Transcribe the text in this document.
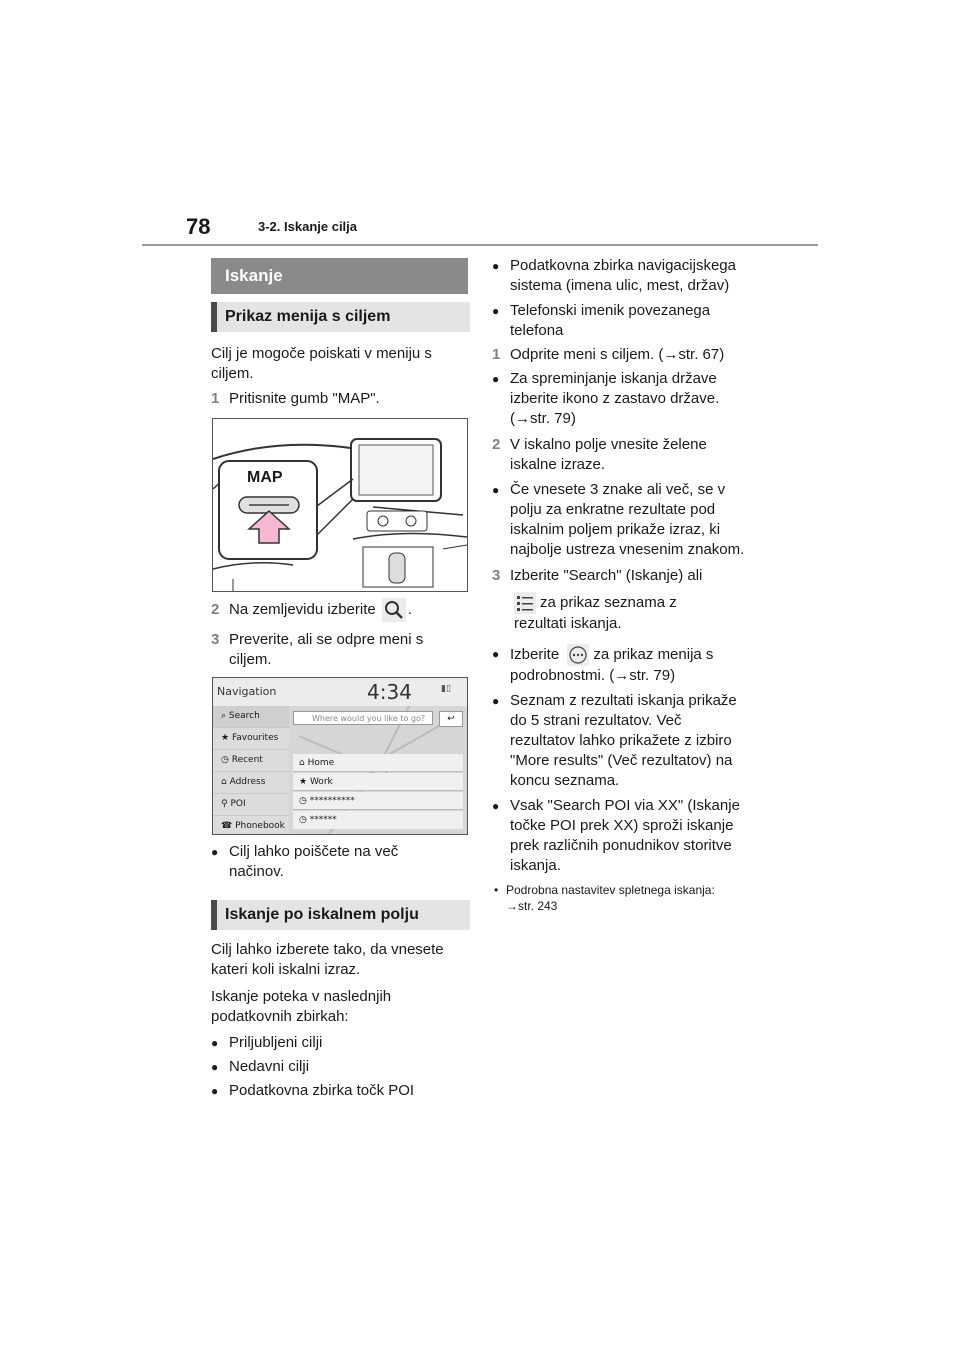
78	3-2. Iskanje cilja
Iskanje
Prikaz menija s ciljem

Cilj je mogoče poiskati v meniju s ciljem.

1 Pritisnite gumb "MAP".
MAP
2 Na zemljevidu izberite .
3 Preverite, ali se odpre meni s ciljem.
Navigation	4:34	▮▯
⌕ Search
★ Favourites
◷ Recent
⌂ Address
⚲ POI
☎ Phonebook
Where would you like to go?	↩
⌂ Home
★ Work
◷ **********
◷ ******
● Cilj lahko poiščete na več načinov.
Iskanje po iskalnem polju

Cilj lahko izberete tako, da vnesete kateri koli iskalni izraz.

Iskanje poteka v naslednjih podatkovnih zbirkah:

● Priljubljeni cilji
● Nedavni cilji
● Podatkovna zbirka točk POI
● Podatkovna zbirka navigacijskega sistema (imena ulic, mest, držav)
● Telefonski imenik povezanega telefona
1 Odprite meni s ciljem. (→str. 67)
● Za spreminjanje iskanja države izberite ikono z zastavo države. (→str. 79)
2 V iskalno polje vnesite želene iskalne izraze.
● Če vnesete 3 znake ali več, se v polju za enkratne rezultate pod iskalnim poljem prikaže izraz, ki najbolje ustreza vnesenim znakom.
3 Izberite "Search" (Iskanje) ali
za prikaz seznama z rezultati iskanja.
● Izberite za prikaz menija s podrobnostmi. (→str. 79)
● Seznam z rezultati iskanja prikaže do 5 strani rezultatov. Več rezultatov lahko prikažete z izbiro "More results" (Več rezultatov) na koncu seznama.
● Vsak "Search POI via XX" (Iskanje točke POI prek XX) sproži iskanje prek različnih ponudnikov storitve iskanja.
• Podrobna nastavitev spletnega iskanja: →str. 243
